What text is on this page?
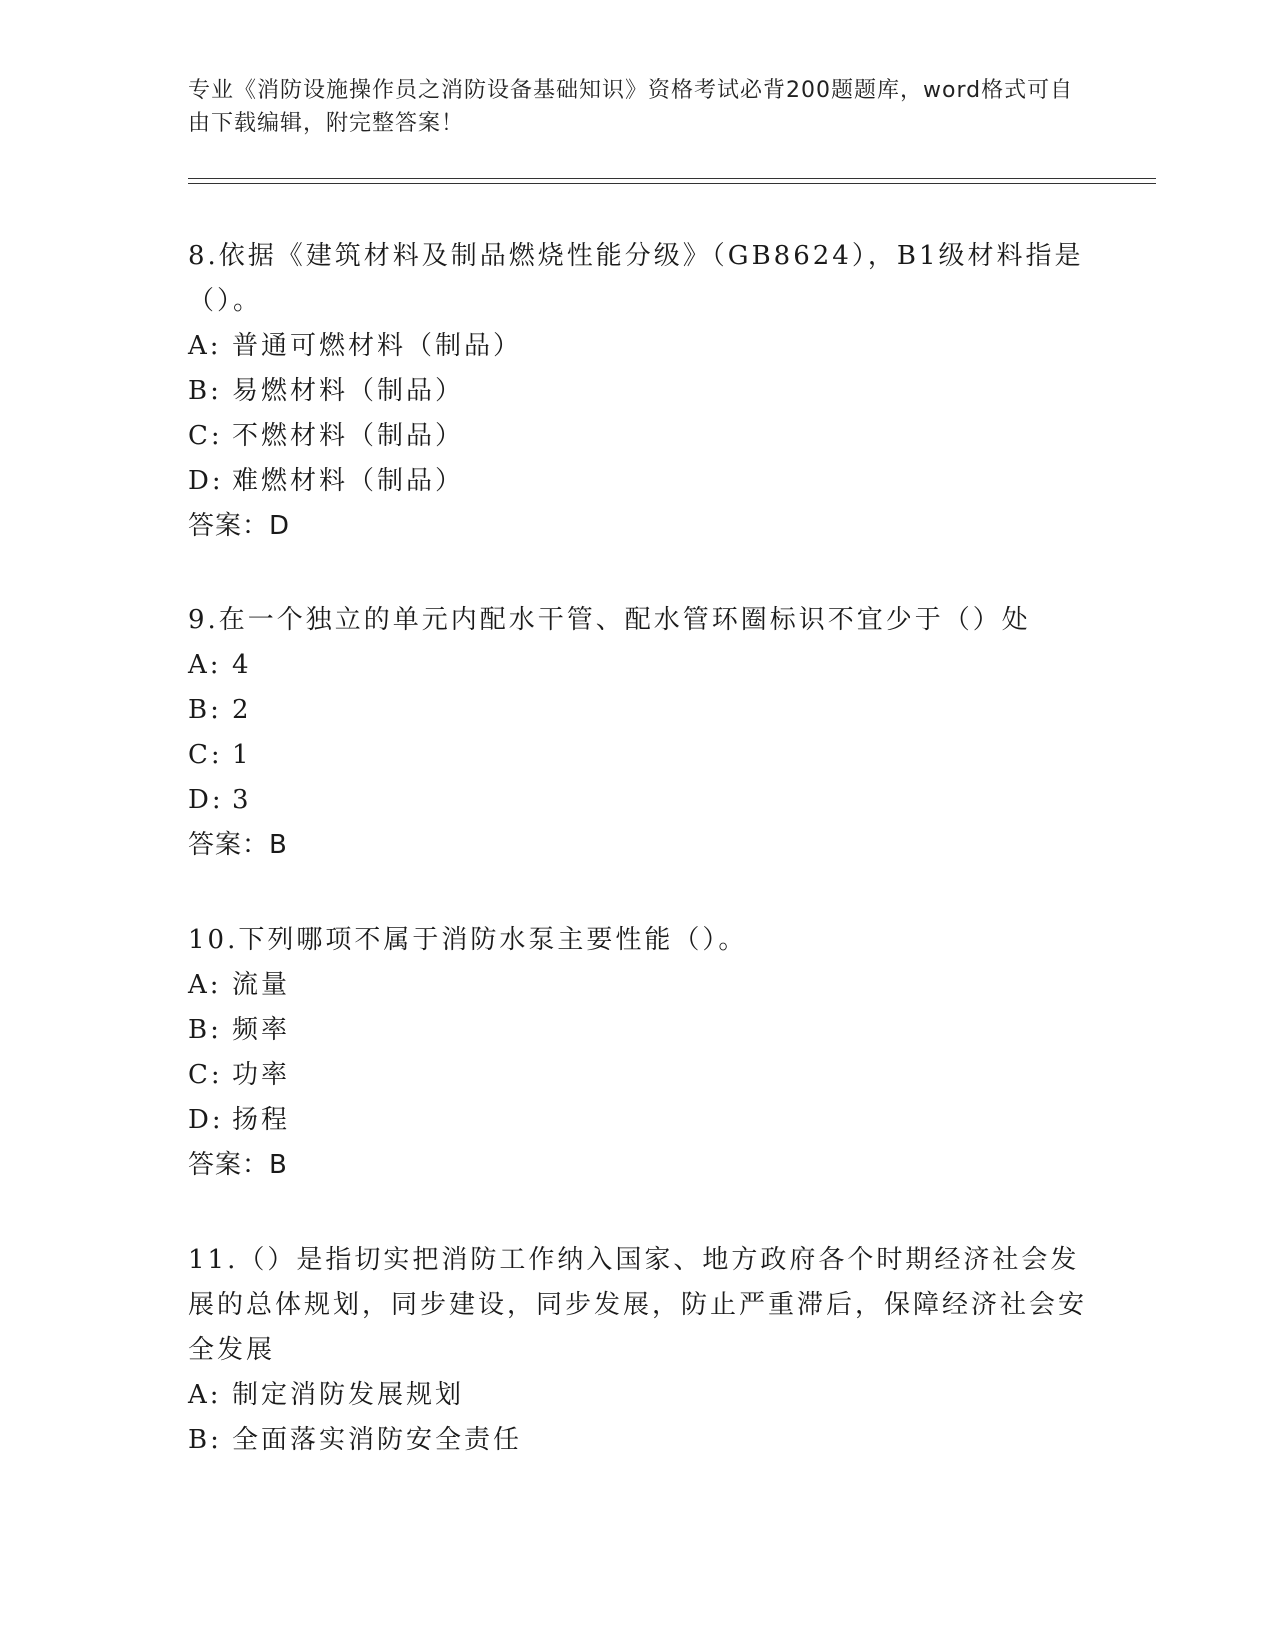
专业《消防设施操作员之消防设备基础知识》资格考试必背200题题库，word格式可自由下载编辑，附完整答案！

8.依据《建筑材料及制品燃烧性能分级》（GB8624），B1级材料指是（）。

A: 普通可燃材料（制品）

B: 易燃材料（制品）

C: 不燃材料（制品）

D: 难燃材料（制品）

答案：D

9.在一个独立的单元内配水干管、配水管环圈标识不宜少于（）处

A: 4

B: 2

C: 1

D: 3

答案：B

10.下列哪项不属于消防水泵主要性能（）。

A: 流量

B: 频率

C: 功率

D: 扬程

答案：B

11.（）是指切实把消防工作纳入国家、地方政府各个时期经济社会发展的总体规划，同步建设，同步发展，防止严重滞后，保障经济社会安全发展

A: 制定消防发展规划

B: 全面落实消防安全责任
